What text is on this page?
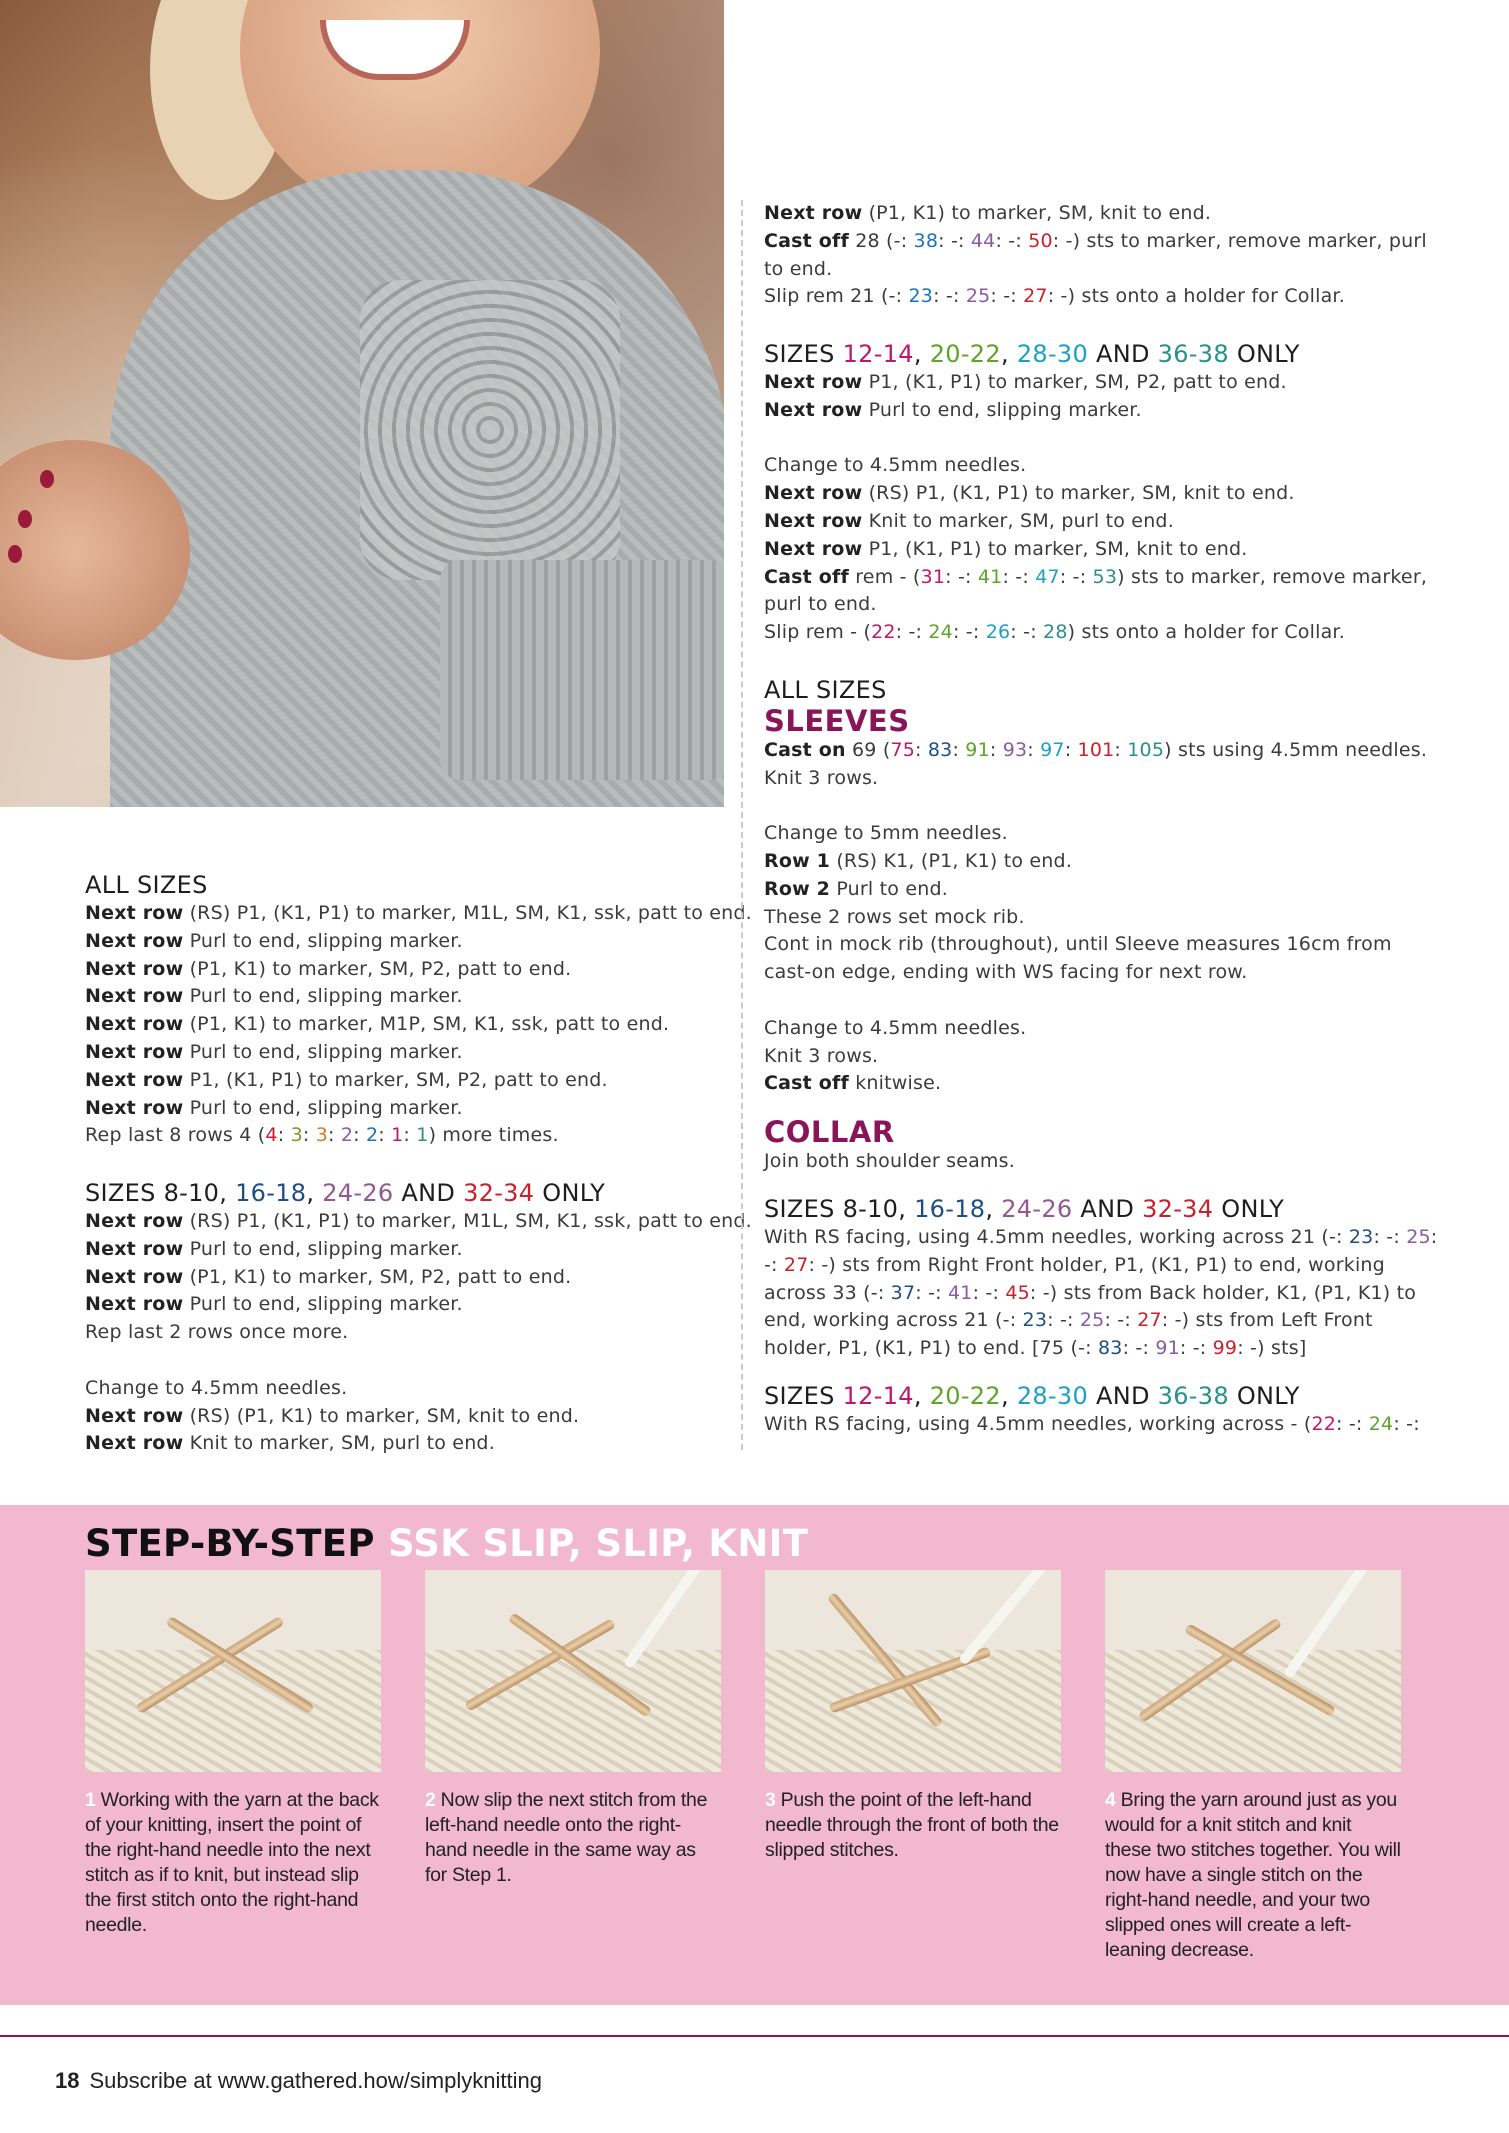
ALL SIZES
Next row (RS) P1, (K1, P1) to marker, M1L, SM, K1, ssk, patt to end.
Next row Purl to end, slipping marker.
Next row (P1, K1) to marker, SM, P2, patt to end.
Next row Purl to end, slipping marker.
Next row (P1, K1) to marker, M1P, SM, K1, ssk, patt to end.
Next row Purl to end, slipping marker.
Next row P1, (K1, P1) to marker, SM, P2, patt to end.
Next row Purl to end, slipping marker.
Rep last 8 rows 4 (4: 3: 3: 2: 2: 1: 1) more times.
SIZES 8-10, 16-18, 24-26 AND 32-34 ONLY
Next row (RS) P1, (K1, P1) to marker, M1L, SM, K1, ssk, patt to end.
Next row Purl to end, slipping marker.
Next row (P1, K1) to marker, SM, P2, patt to end.
Next row Purl to end, slipping marker.
Rep last 2 rows once more.
Change to 4.5mm needles.
Next row (RS) (P1, K1) to marker, SM, knit to end.
Next row Knit to marker, SM, purl to end.
Next row (P1, K1) to marker, SM, knit to end.
Cast off 28 (-: 38: -: 44: -: 50: -) sts to marker, remove marker, purl
to end.
Slip rem 21 (-: 23: -: 25: -: 27: -) sts onto a holder for Collar.
SIZES 12-14, 20-22, 28-30 AND 36-38 ONLY
Next row P1, (K1, P1) to marker, SM, P2, patt to end.
Next row Purl to end, slipping marker.
Change to 4.5mm needles.
Next row (RS) P1, (K1, P1) to marker, SM, knit to end.
Next row Knit to marker, SM, purl to end.
Next row P1, (K1, P1) to marker, SM, knit to end.
Cast off rem - (31: -: 41: -: 47: -: 53) sts to marker, remove marker,
purl to end.
Slip rem - (22: -: 24: -: 26: -: 28) sts onto a holder for Collar.
ALL SIZES
SLEEVES
Cast on 69 (75: 83: 91: 93: 97: 101: 105) sts using 4.5mm needles.
Knit 3 rows.
Change to 5mm needles.
Row 1 (RS) K1, (P1, K1) to end.
Row 2 Purl to end.
These 2 rows set mock rib.
Cont in mock rib (throughout), until Sleeve measures 16cm from
cast-on edge, ending with WS facing for next row.
Change to 4.5mm needles.
Knit 3 rows.
Cast off knitwise.
COLLAR
Join both shoulder seams.
SIZES 8-10, 16-18, 24-26 AND 32-34 ONLY
With RS facing, using 4.5mm needles, working across 21 (-: 23: -: 25:
-: 27: -) sts from Right Front holder, P1, (K1, P1) to end, working
across 33 (-: 37: -: 41: -: 45: -) sts from Back holder, K1, (P1, K1) to
end, working across 21 (-: 23: -: 25: -: 27: -) sts from Left Front
holder, P1, (K1, P1) to end. [75 (-: 83: -: 91: -: 99: -) sts]
SIZES 12-14, 20-22, 28-30 AND 36-38 ONLY
With RS facing, using 4.5mm needles, working across - (22: -: 24: -:
STEP-BY-STEP SSK SLIP, SLIP, KNIT
1 Working with the yarn at the back of your knitting, insert the point of the right-hand needle into the next stitch as if to knit, but instead slip the first stitch onto the right-hand needle.
2 Now slip the next stitch from the left-hand needle onto the right-hand needle in the same way as for Step 1.
3 Push the point of the left-hand needle through the front of both the slipped stitches.
4 Bring the yarn around just as you would for a knit stitch and knit these two stitches together. You will now have a single stitch on the right-hand needle, and your two slipped ones will create a left-leaning decrease.
18 Subscribe at www.gathered.how/simplyknitting
